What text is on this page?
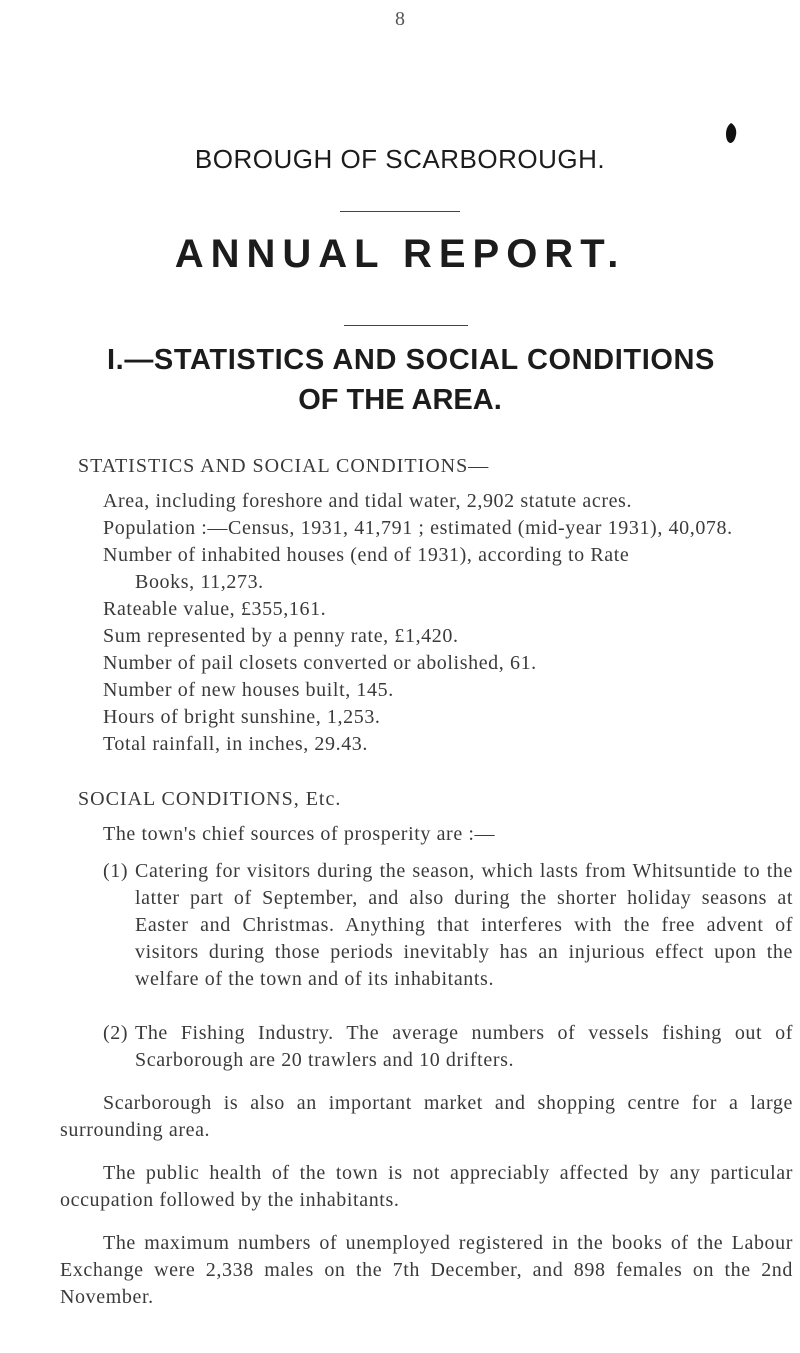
8
BOROUGH OF SCARBOROUGH.
ANNUAL REPORT.
I.—STATISTICS AND SOCIAL CONDITIONS
OF THE AREA.
STATISTICS AND SOCIAL CONDITIONS—
Area, including foreshore and tidal water, 2,902 statute acres.
Population :—Census, 1931, 41,791 ; estimated (mid-year 1931), 40,078.
Number of inhabited houses (end of 1931), according to Rate
Books, 11,273.
Rateable value, £355,161.
Sum represented by a penny rate, £1,420.
Number of pail closets converted or abolished, 61.
Number of new houses built, 145.
Hours of bright sunshine, 1,253.
Total rainfall, in inches, 29.43.
SOCIAL CONDITIONS, Etc.
The town's chief sources of prosperity are :—
(1) Catering for visitors during the season, which lasts from Whitsuntide to the latter part of September, and also during the shorter holiday seasons at Easter and Christmas. Anything that interferes with the free advent of visitors during those periods inevitably has an injurious effect upon the welfare of the town and of its inhabitants.
(2) The Fishing Industry. The average numbers of vessels fishing out of Scarborough are 20 trawlers and 10 drifters.
Scarborough is also an important market and shopping centre for a large surrounding area.
The public health of the town is not appreciably affected by any particular occupation followed by the inhabitants.
The maximum numbers of unemployed registered in the books of the Labour Exchange were 2,338 males on the 7th December, and 898 females on the 2nd November.
